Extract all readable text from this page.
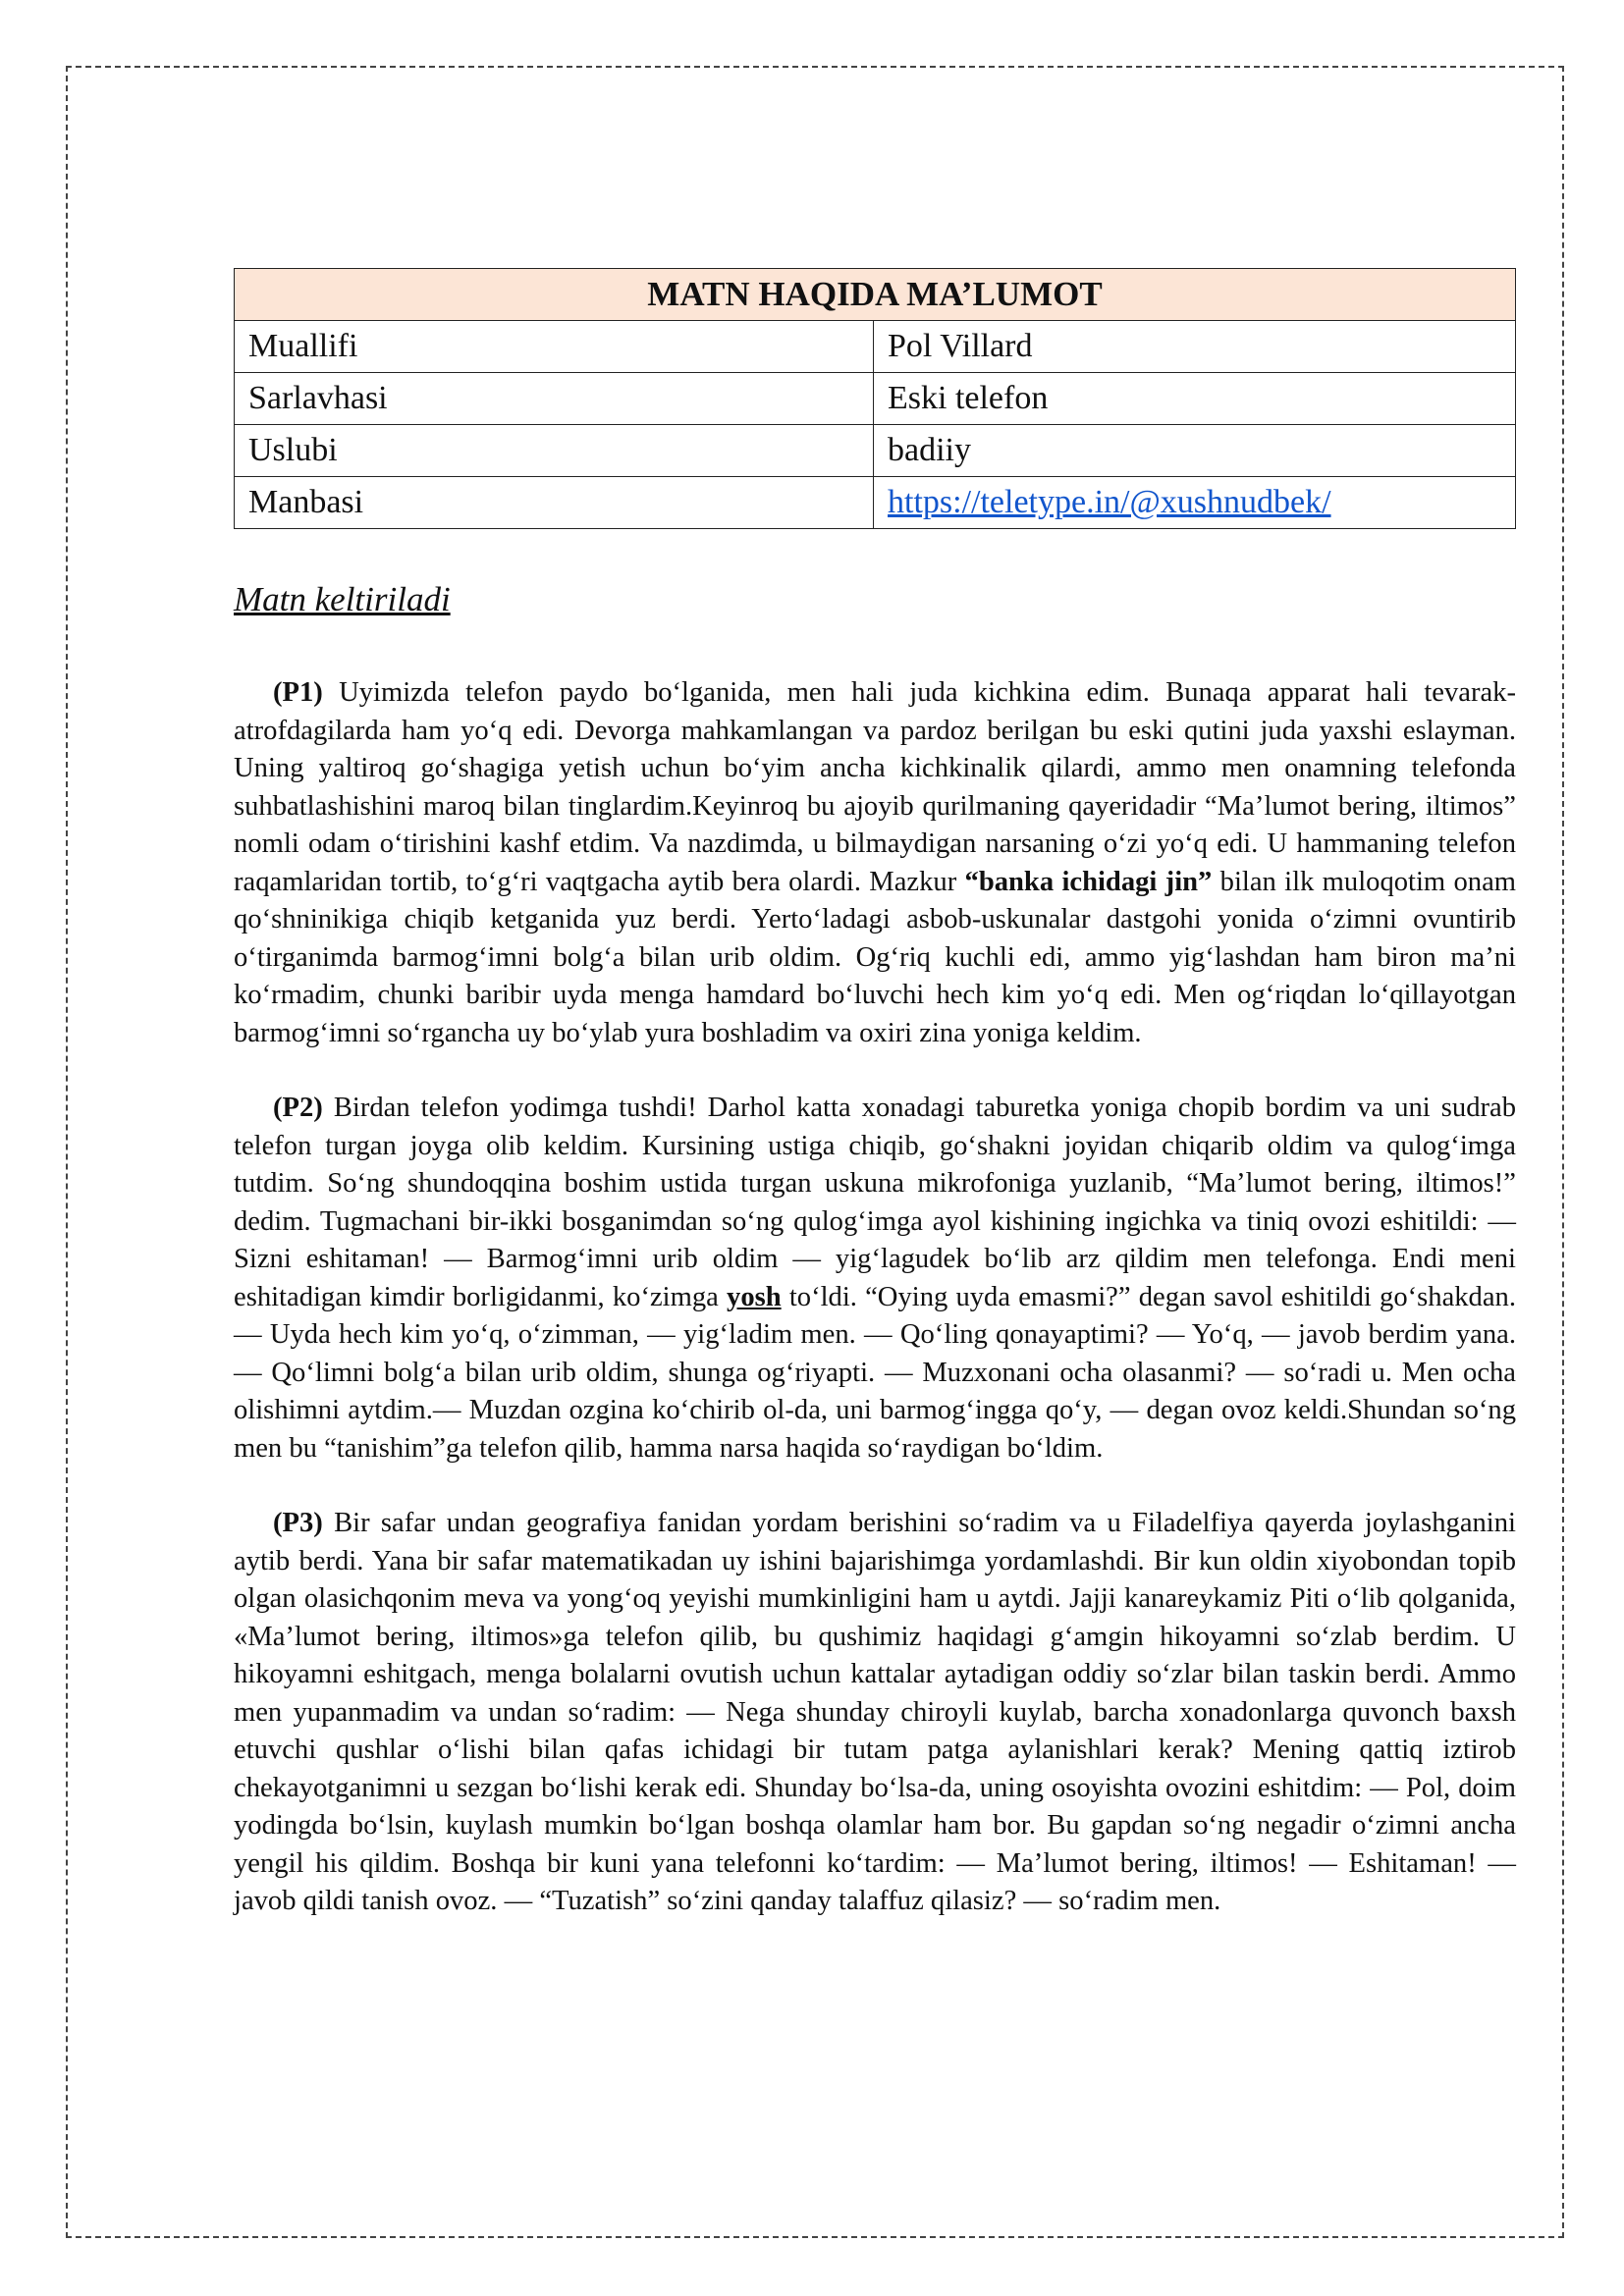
MATN HAQIDA MA’LUMOT	
Muallifi	Pol Villard
Sarlavhasi	Eski telefon
Uslubi	badiiy
Manbasi	https://teletype.in/@xushnudbek/
Matn keltiriladi

(P1) Uyimizda telefon paydo bo‘lganida, men hali juda kichkina edim. Bunaqa apparat hali tevarak-atrofdagilarda ham yo‘q edi. Devorga mahkamlangan va pardoz berilgan bu eski qutini juda yaxshi eslayman. Uning yaltiroq go‘shagiga yetish uchun bo‘yim ancha kichkinalik qilardi, ammo men onamning telefonda suhbatlashishini maroq bilan tinglardim.Keyinroq bu ajoyib qurilmaning qayeridadir “Ma’lumot bering, iltimos” nomli odam o‘tirishini kashf etdim. Va nazdimda, u bilmaydigan narsaning o‘zi yo‘q edi. U hammaning telefon raqamlaridan tortib, to‘g‘ri vaqtgacha aytib bera olardi. Mazkur “banka ichidagi jin” bilan ilk muloqotim onam qo‘shninikiga chiqib ketganida yuz berdi. Yerto‘ladagi asbob-uskunalar dastgohi yonida o‘zimni ovuntirib o‘tirganimda barmog‘imni bolg‘a bilan urib oldim. Og‘riq kuchli edi, ammo yig‘lashdan ham biron ma’ni ko‘rmadim, chunki baribir uyda menga hamdard bo‘luvchi hech kim yo‘q edi. Men og‘riqdan lo‘qillayotgan barmog‘imni so‘rgancha uy bo‘ylab yura boshladim va oxiri zina yoniga keldim.

(P2) Birdan telefon yodimga tushdi! Darhol katta xonadagi taburetka yoniga chopib bordim va uni sudrab telefon turgan joyga olib keldim. Kursining ustiga chiqib, go‘shakni joyidan chiqarib oldim va qulog‘imga tutdim. So‘ng shundoqqina boshim ustida turgan uskuna mikrofoniga yuzlanib, “Ma’lumot bering, iltimos!” dedim. Tugmachani bir-ikki bosganimdan so‘ng qulog‘imga ayol kishining ingichka va tiniq ovozi eshitildi: — Sizni eshitaman! — Barmog‘imni urib oldim — yig‘lagudek bo‘lib arz qildim men telefonga. Endi meni eshitadigan kimdir borligidanmi, ko‘zimga yosh to‘ldi. “Oying uyda emasmi?” degan savol eshitildi go‘shakdan. — Uyda hech kim yo‘q, o‘zimman, — yig‘ladim men. — Qo‘ling qonayaptimi? — Yo‘q, — javob berdim yana. — Qo‘limni bolg‘a bilan urib oldim, shunga og‘riyapti. — Muzxonani ocha olasanmi? — so‘radi u. Men ocha olishimni aytdim.— Muzdan ozgina ko‘chirib ol-da, uni barmog‘ingga qo‘y, — degan ovoz keldi.Shundan so‘ng men bu “tanishim”ga telefon qilib, hamma narsa haqida so‘raydigan bo‘ldim.

(P3) Bir safar undan geografiya fanidan yordam berishini so‘radim va u Filadelfiya qayerda joylashganini aytib berdi. Yana bir safar matematikadan uy ishini bajarishimga yordamlashdi. Bir kun oldin xiyobondan topib olgan olasichqonim meva va yong‘oq yeyishi mumkinligini ham u aytdi. Jajji kanareykamiz Piti o‘lib qolganida, «Ma’lumot bering, iltimos»ga telefon qilib, bu qushimiz haqidagi g‘amgin hikoyamni so‘zlab berdim. U hikoyamni eshitgach, menga bolalarni ovutish uchun kattalar aytadigan oddiy so‘zlar bilan taskin berdi. Ammo men yupanmadim va undan so‘radim: — Nega shunday chiroyli kuylab, barcha xonadonlarga quvonch baxsh etuvchi qushlar o‘lishi bilan qafas ichidagi bir tutam patga aylanishlari kerak? Mening qattiq iztirob chekayotganimni u sezgan bo‘lishi kerak edi. Shunday bo‘lsa-da, uning osoyishta ovozini eshitdim: — Pol, doim yodingda bo‘lsin, kuylash mumkin bo‘lgan boshqa olamlar ham bor. Bu gapdan so‘ng negadir o‘zimni ancha yengil his qildim. Boshqa bir kuni yana telefonni ko‘tardim: — Ma’lumot bering, iltimos! — Eshitaman! — javob qildi tanish ovoz. — “Tuzatish” so‘zini qanday talaffuz qilasiz? — so‘radim men.
